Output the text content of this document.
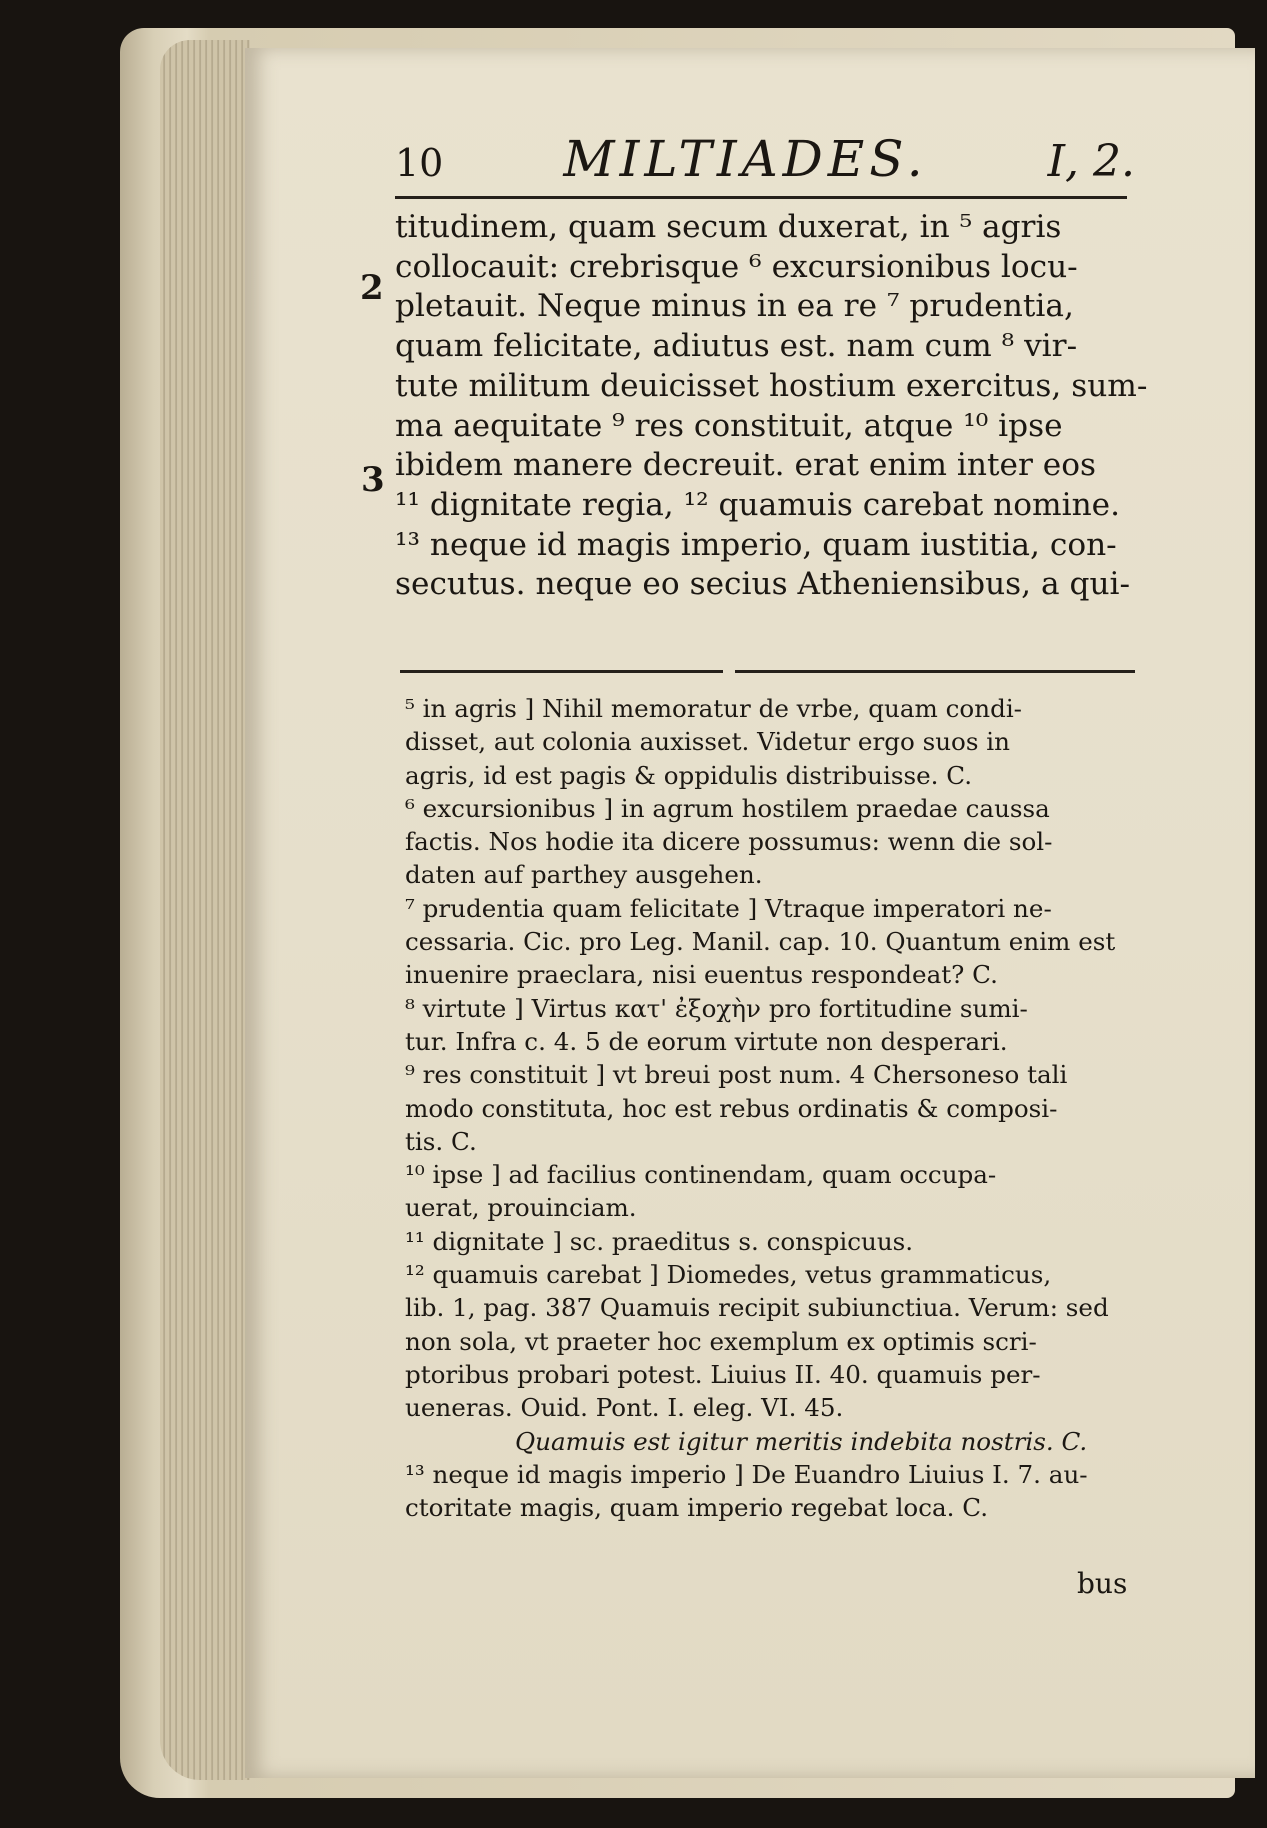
10 MILTIADES.	I, 2.
2
3
titudinem, quam secum duxerat, in ⁵ agris
collocauit: crebrisque ⁶ excursionibus locu-
pletauit. Neque minus in ea re ⁷ prudentia,
quam felicitate, adiutus est. nam cum ⁸ vir-
tute militum deuicisset hostium exercitus, sum-
ma aequitate ⁹ res constituit, atque ¹⁰ ipse
ibidem manere decreuit. erat enim inter eos
¹¹ dignitate regia, ¹² quamuis carebat nomine.
¹³ neque id magis imperio, quam iustitia, con-
secutus. neque eo secius Atheniensibus, a qui-
⁵ in agris ] Nihil memoratur de vrbe, quam condi-
disset, aut colonia auxisset. Videtur ergo suos in
agris, id est pagis & oppidulis distribuisse. C.
⁶ excursionibus ] in agrum hostilem praedae caussa
factis. Nos hodie ita dicere possumus: wenn die sol-
daten auf parthey ausgehen.
⁷ prudentia quam felicitate ] Vtraque imperatori ne-
cessaria. Cic. pro Leg. Manil. cap. 10. Quantum enim est
inuenire praeclara, nisi euentus respondeat? C.
⁸ virtute ] Virtus κατ' ἐξοχὴν pro fortitudine sumi-
tur. Infra c. 4. 5 de eorum virtute non desperari.
⁹ res constituit ] vt breui post num. 4 Chersoneso tali
modo constituta, hoc est rebus ordinatis & composi-
tis. C.
¹⁰ ipse ] ad facilius continendam, quam occupa-
uerat, prouinciam.
¹¹ dignitate ] sc. praeditus s. conspicuus.
¹² quamuis carebat ] Diomedes, vetus grammaticus,
lib. 1, pag. 387 Quamuis recipit subiunctiua. Verum: sed
non sola, vt praeter hoc exemplum ex optimis scri-
ptoribus probari potest. Liuius II. 40. quamuis per-
ueneras. Ouid. Pont. I. eleg. VI. 45.
Quamuis est igitur meritis indebita nostris. C.
¹³ neque id magis imperio ] De Euandro Liuius I. 7. au-
ctoritate magis, quam imperio regebat loca. C.
bus
